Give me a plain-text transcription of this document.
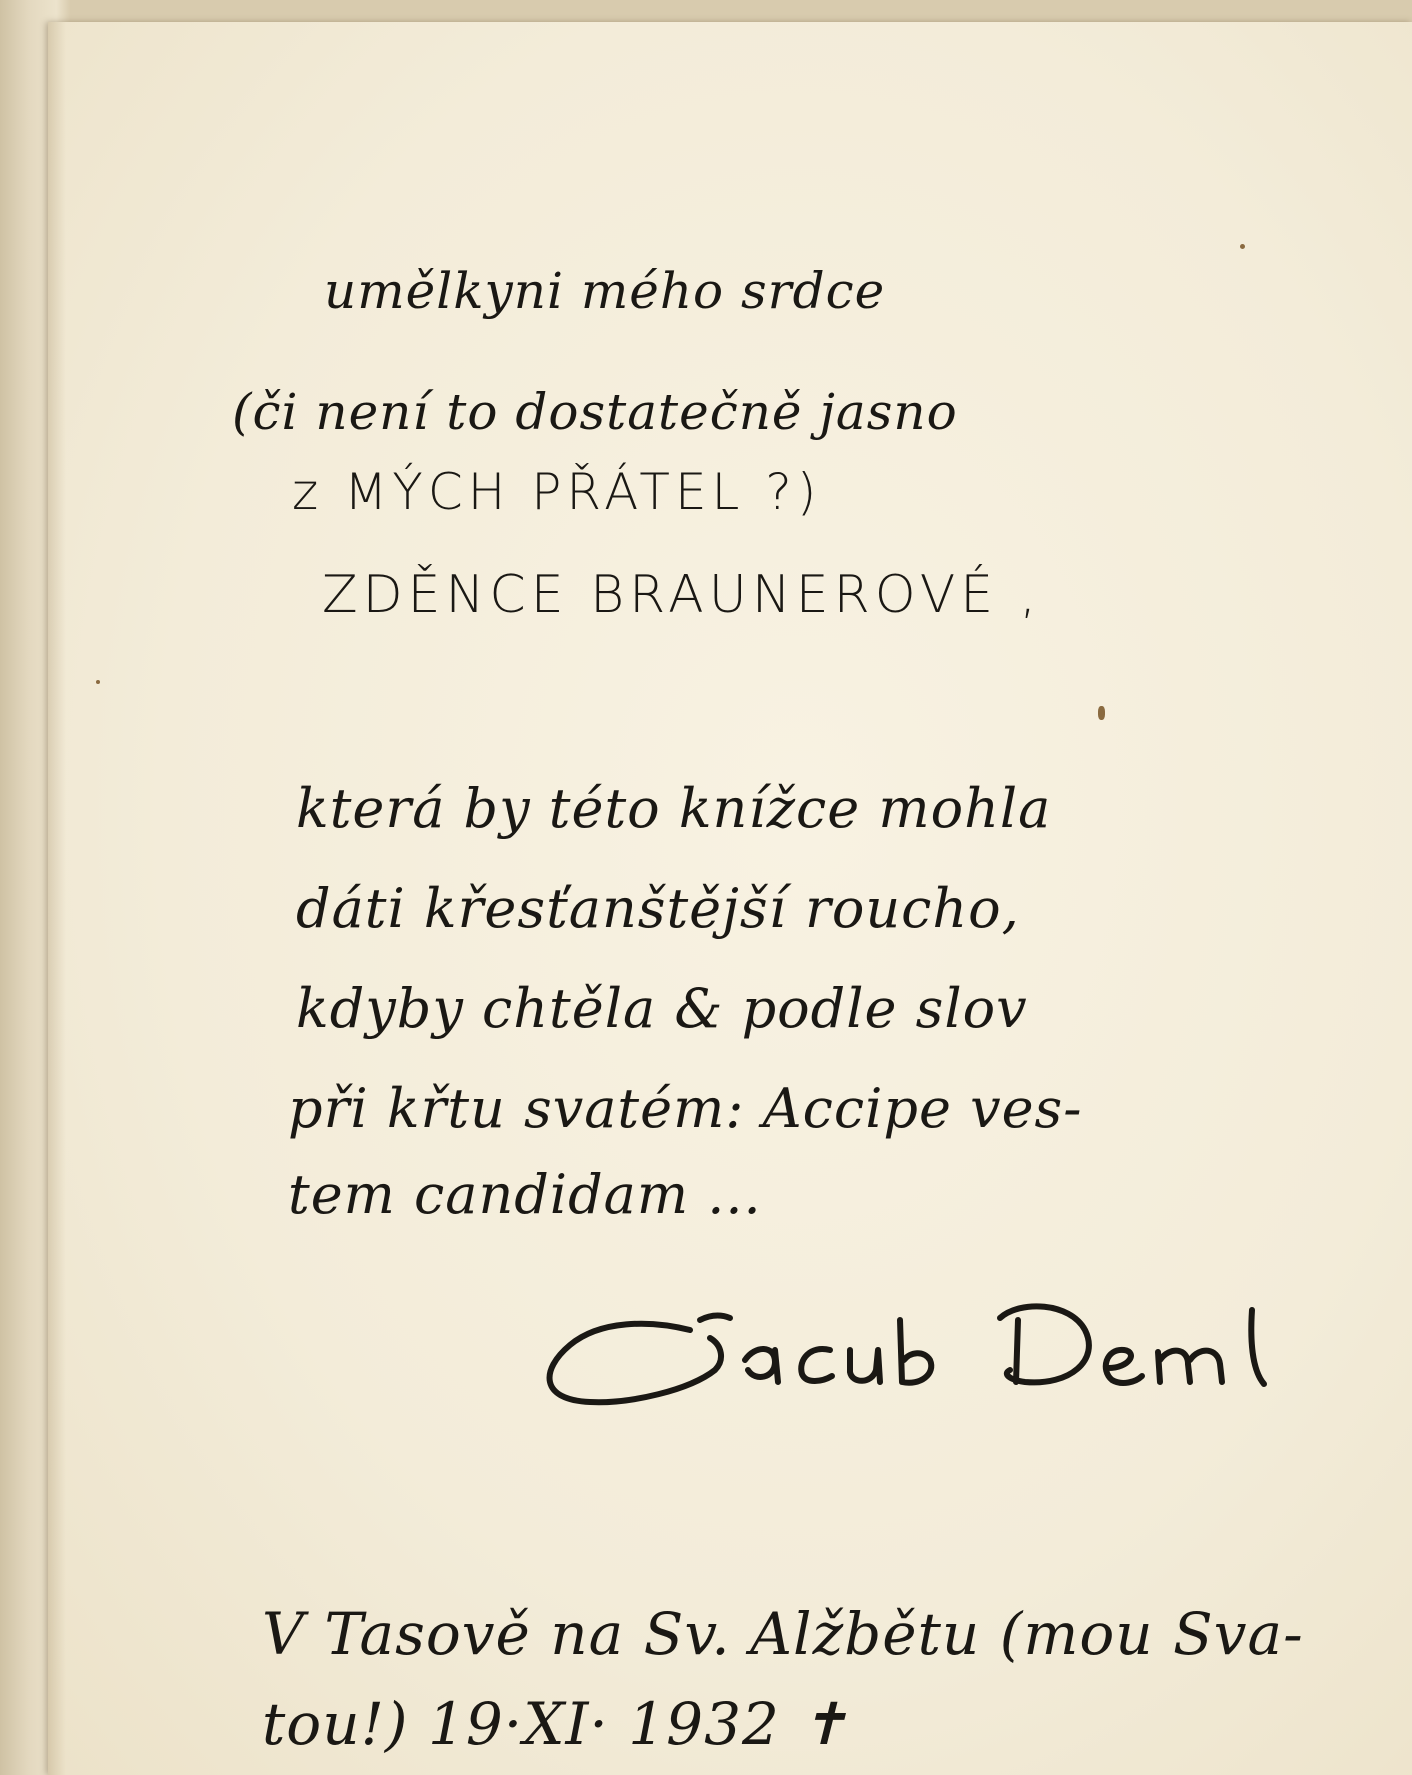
umělkyni mého srdce
(či není to dostatečně jasno
z MÝCH PŘÁTEL ?)
ZDĚNCE BRAUNEROVÉ ,
která by této knížce mohla
dáti křesťanštější roucho,
kdyby chtěla & podle slov
při křtu svatém: Accipe ves-
tem candidam ...
V Tasově na Sv. Alžbětu (mou Sva-
tou!) 19·XI· 1932 ✝
